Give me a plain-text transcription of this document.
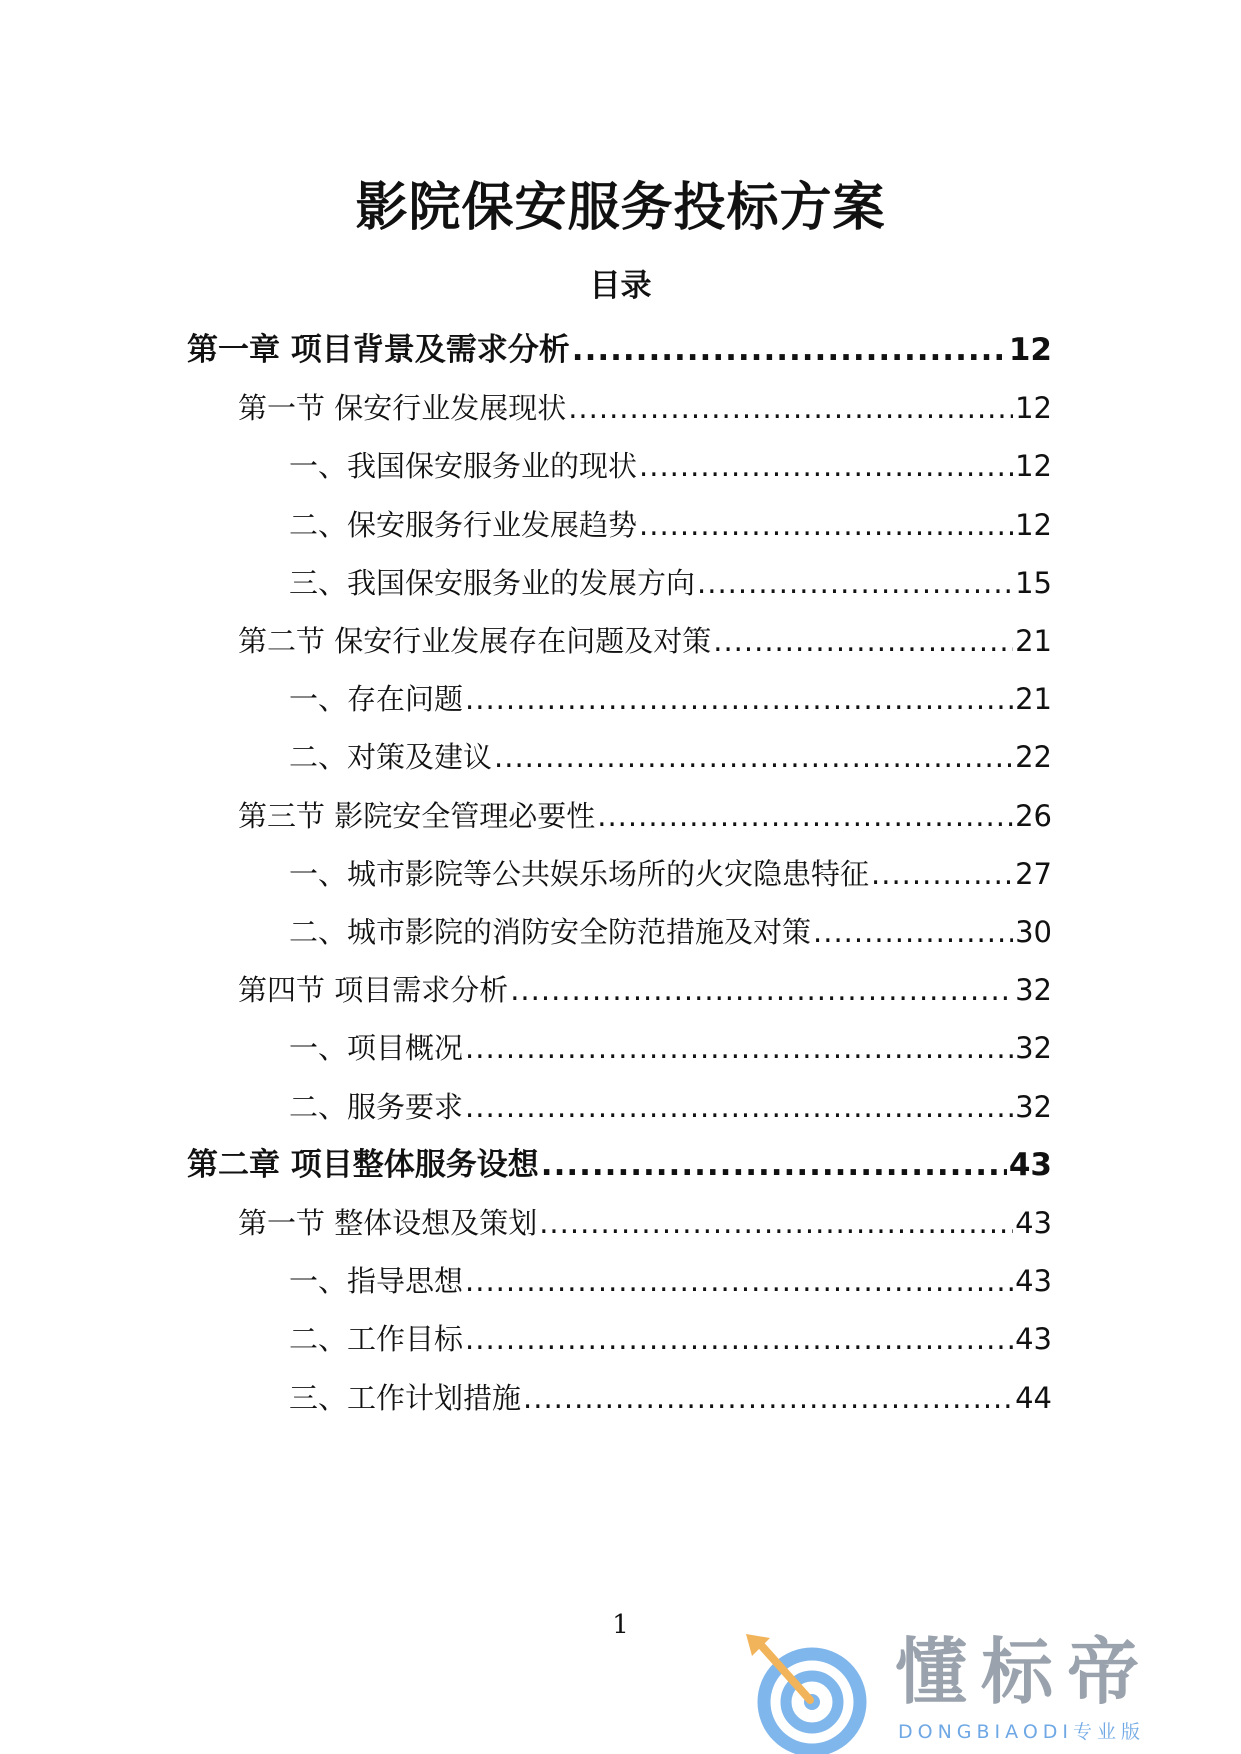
影院保安服务投标方案
目录
第一章 项目背景及需求分析 .....	12
第一节 保安行业发展现状 .....	12
一、我国保安服务业的现状 .....	12
二、保安服务行业发展趋势 .....	12
三、我国保安服务业的发展方向 .....	15
第二节 保安行业发展存在问题及对策 .....	21
一、存在问题 .....	21
二、对策及建议 .....	22
第三节 影院安全管理必要性 .....	26
一、城市影院等公共娱乐场所的火灾隐患特征 .....	27
二、城市影院的消防安全防范措施及对策 .....	30
第四节 项目需求分析 .....	32
一、项目概况 .....	32
二、服务要求 .....	32
第二章 项目整体服务设想 .....	43
第一节 整体设想及策划 .....	43
一、指导思想 .....	43
二、工作目标 .....	43
三、工作计划措施 .....	44
1
懂标帝
DONGBIAODI专业版
